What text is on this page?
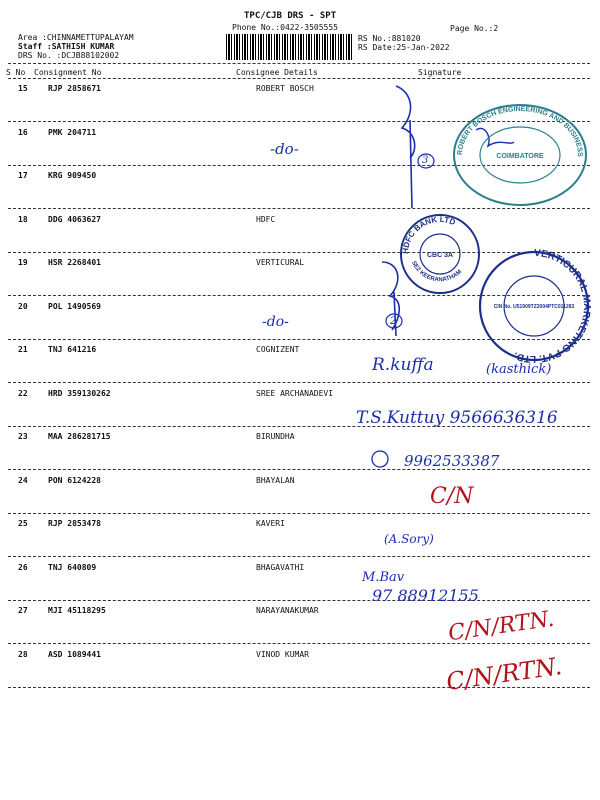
TPC/CJB DRS - SPT
Phone No.:0422-3505555	Page No.:2
Area :CHINNAMETTUPALAYAM
Staff :SATHISH KUMAR
DRS No. :DCJB88102002
RS No.:881020
RS Date:25-Jan-2022
S No Consignment No	Consignee Details	Signature
15	RJP 2858671	ROBERT BOSCH
16	PMK 204711
17	KRG 909450
18	DDG 4063627	HDFC
19	HSR 2268401	VERTICURAL
20	POL 1490569
21	TNJ 641216	COGNIZENT
22	HRD 359130262	SREE ARCHANADEVI
23	MAA 286281715	BIRUNDHA
24	PON 6124228	BHAYALAN
25	RJP 2853478	KAVERI
26	TNJ 640809	BHAGAVATHI
27	MJI 45118295	NARAYANAKUMAR
28	ASD 1089441	VINOD KUMAR
-do-
-do-
3
2
R.kuffa	(kasthick)
T.S.Kuttuy 9566636316
9962533387
C/N
(A.Sory)
M.Bav
97 88912155
C/N/RTN.
C/N/RTN.
ROBERT BOSCH ENGINEERING AND BUSINESS SOLUTIONS LIMITED
COIMBATORE
HDFC BANK LTD
SEZ KEERANATHAM
CBC 3A	VERTICURAL MARKETING PVT. LTD.
CIN No. U51909TZ2004PTC011283
